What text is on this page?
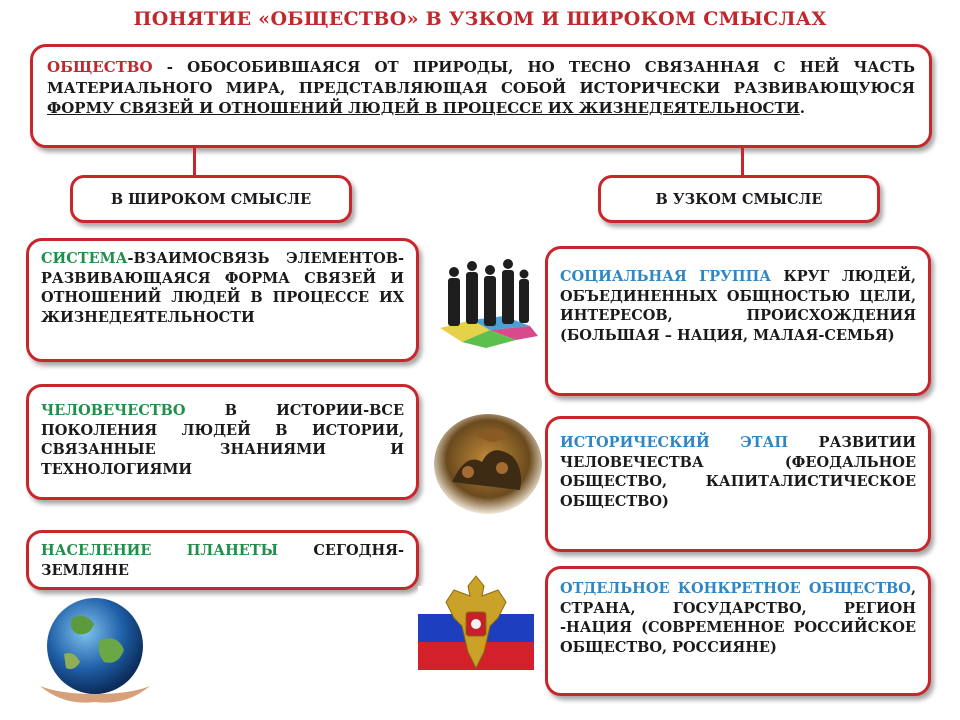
ПОНЯТИЕ «ОБЩЕСТВО» В УЗКОМ И ШИРОКОМ СМЫСЛАХ
ОБЩЕСТВО - ОБОСОБИВШАЯСЯ ОТ ПРИРОДЫ, НО ТЕСНО СВЯЗАННАЯ С НЕЙ ЧАСТЬ МАТЕРИАЛЬНОГО МИРА, ПРЕДСТАВЛЯЮЩАЯ СОБОЙ ИСТОРИЧЕСКИ РАЗВИВАЮЩУЮСЯ ФОРМУ СВЯЗЕЙ И ОТНОШЕНИЙ ЛЮДЕЙ В ПРОЦЕССЕ ИХ ЖИЗНЕДЕЯТЕЛЬНОСТИ.
В ШИРОКОМ СМЫСЛЕ	В УЗКОМ СМЫСЛЕ
СИСТЕМА-ВЗАИМОСВЯЗЬ ЭЛЕМЕНТОВ- РАЗВИВАЮЩАЯСЯ ФОРМА СВЯЗЕЙ И ОТНОШЕНИЙ ЛЮДЕЙ В ПРОЦЕССЕ ИХ ЖИЗНЕДЕЯТЕЛЬНОСТИ
ЧЕЛОВЕЧЕСТВО В ИСТОРИИ-ВСЕ ПОКОЛЕНИЯ ЛЮДЕЙ В ИСТОРИИ, СВЯЗАННЫЕ ЗНАНИЯМИ И ТЕХНОЛОГИЯМИ
НАСЕЛЕНИЕ ПЛАНЕТЫ СЕГОДНЯ-ЗЕМЛЯНЕ
СОЦИАЛЬНАЯ ГРУППА КРУГ ЛЮДЕЙ, ОБЪЕДИНЕННЫХ ОБЩНОСТЬЮ ЦЕЛИ, ИНТЕРЕСОВ, ПРОИСХОЖДЕНИЯ (БОЛЬШАЯ – НАЦИЯ, МАЛАЯ-СЕМЬЯ)
ИСТОРИЧЕСКИЙ ЭТАП РАЗВИТИИ ЧЕЛОВЕЧЕСТВА (ФЕОДАЛЬНОЕ ОБЩЕСТВО, КАПИТАЛИСТИЧЕСКОЕ ОБЩЕСТВО)
ОТДЕЛЬНОЕ КОНКРЕТНОЕ ОБЩЕСТВО, СТРАНА, ГОСУДАРСТВО, РЕГИОН -НАЦИЯ (СОВРЕМЕННОЕ РОССИЙСКОЕ ОБЩЕСТВО, РОССИЯНЕ)
